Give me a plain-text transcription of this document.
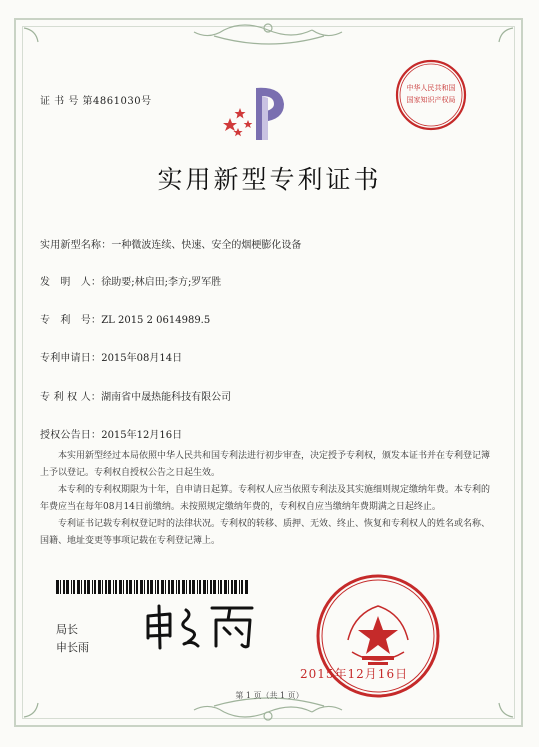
证 书 号 第4861030号
中华人民共和国
国家知识产权局
实用新型专利证书
实用新型名称：一种微波连续、快速、安全的烟梗膨化设备
发　明　人：徐助要;林启田;李方;罗军胜
专　利　号：ZL 2015 2 0614989.5
专利申请日：2015年08月14日
专 利 权 人：湖南省中晟热能科技有限公司
授权公告日：2015年12月16日

本实用新型经过本局依照中华人民共和国专利法进行初步审查，决定授予专利权，颁发本证书并在专利登记簿上予以登记。专利权自授权公告之日起生效。

本专利的专利权期限为十年，自申请日起算。专利权人应当依照专利法及其实施细则规定缴纳年费。本专利的年费应当在每年08月14日前缴纳。未按照规定缴纳年费的，专利权自应当缴纳年费期满之日起终止。

专利证书记载专利权登记时的法律状况。专利权的转移、质押、无效、终止、恢复和专利权人的姓名或名称、国籍、地址变更等事项记载在专利登记簿上。

局长
申长雨
2015年12月16日
第 1 页（共 1 页）
